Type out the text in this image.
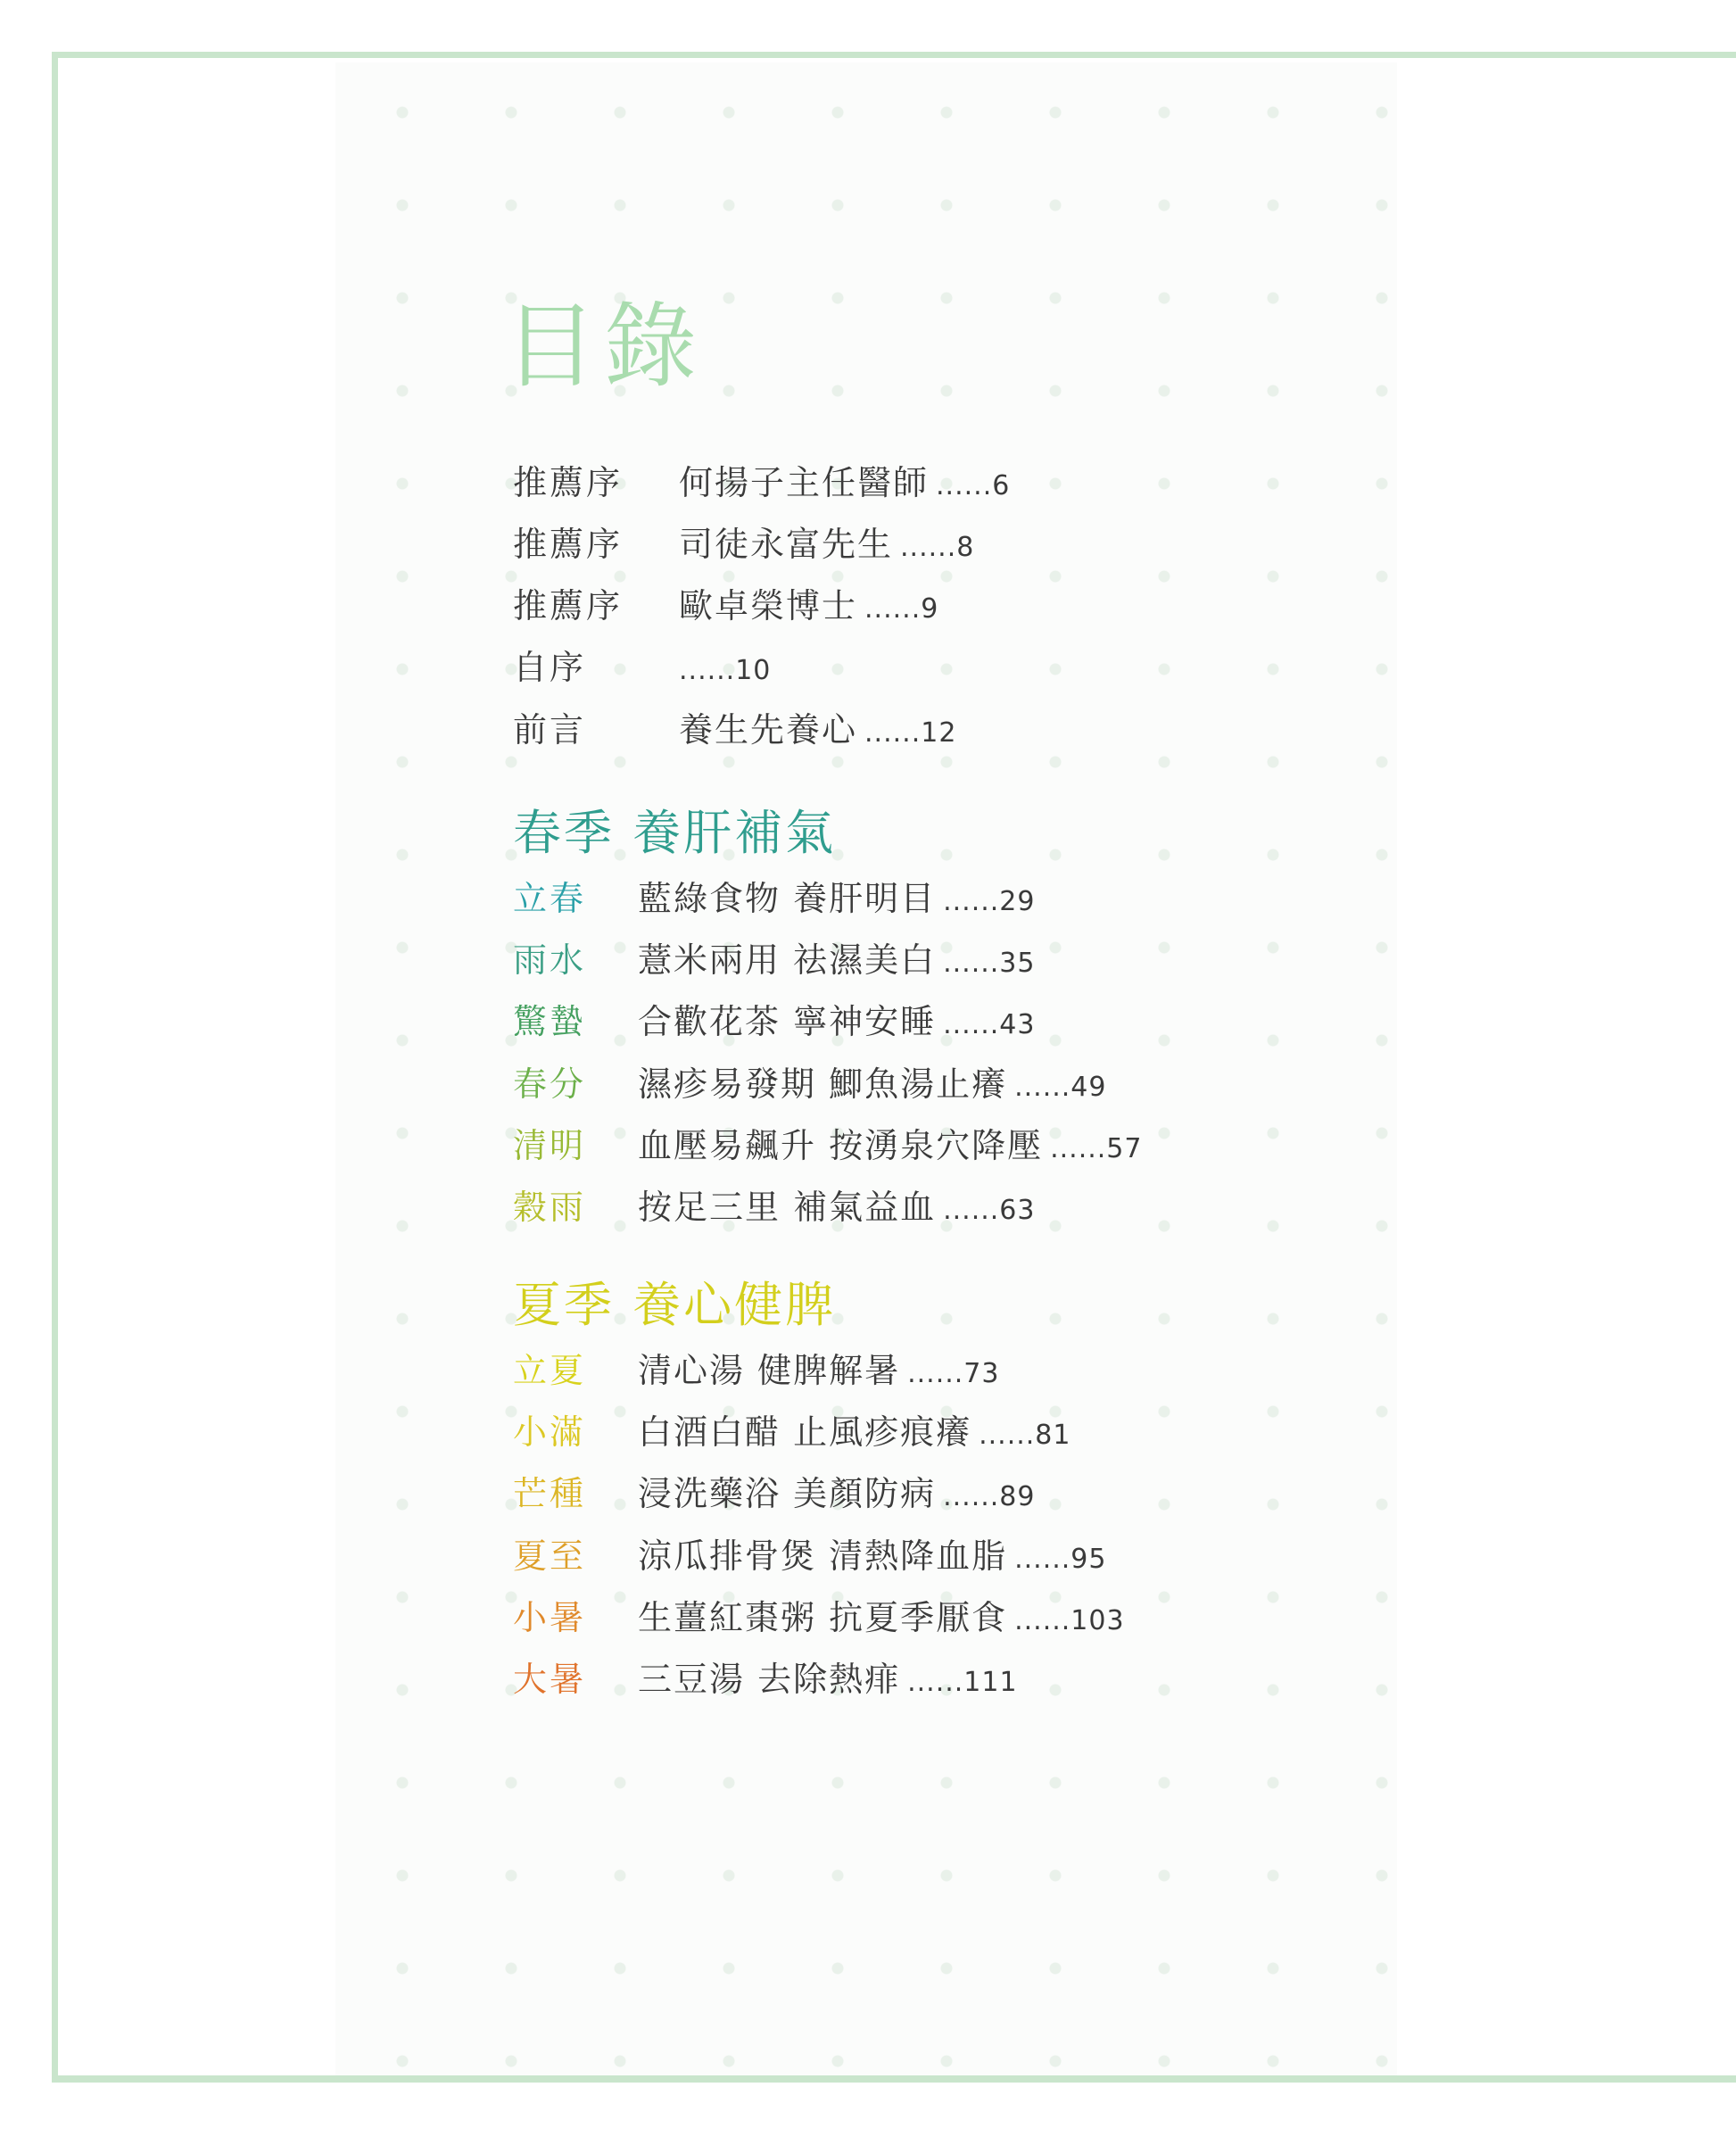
目錄
推薦序 何揚子主任醫師 ......6
推薦序 司徒永富先生 ......8
推薦序 歐卓榮博士 ......9
自序	......10
前言	養生先養心 ......12
春季 養肝補氣
立春 藍綠食物 養肝明目 ......29
雨水 薏米兩用 祛濕美白 ......35
驚蟄 合歡花茶 寧神安睡 ......43
春分 濕疹易發期 鯽魚湯止癢 ......49
清明 血壓易飆升 按湧泉穴降壓 ......57
穀雨 按足三里 補氣益血 ......63
夏季 養心健脾
立夏 清心湯 健脾解暑 ......73
小滿 白酒白醋 止風疹痕癢 ......81
芒種 浸洗藥浴 美顏防病 ......89
夏至 涼瓜排骨煲 清熱降血脂 ......95
小暑 生薑紅棗粥 抗夏季厭食 ......103
大暑 三豆湯 去除熱痱 ......111
